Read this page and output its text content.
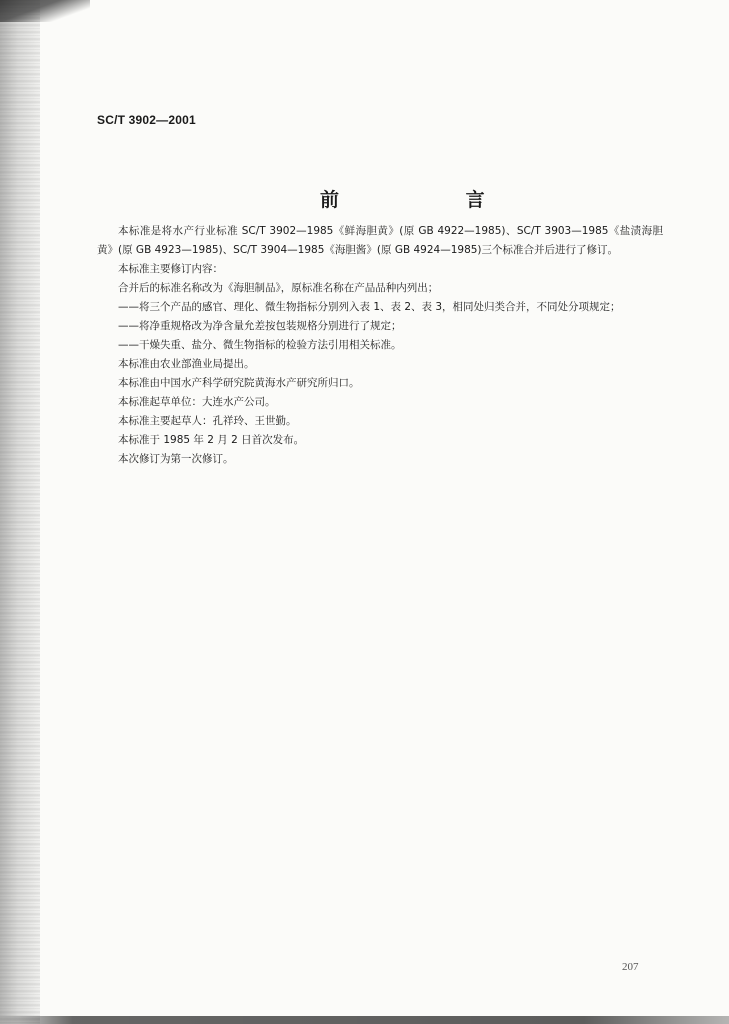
SC/T 3902—2001
前 言

本标准是将水产行业标准 SC/T 3902—1985《鲜海胆黄》(原 GB 4922—1985)、SC/T 3903—1985《盐渍海胆黄》(原 GB 4923—1985)、SC/T 3904—1985《海胆酱》(原 GB 4924—1985)三个标准合并后进行了修订。

本标准主要修订内容：

合并后的标准名称改为《海胆制品》，原标准名称在产品品种内列出；

——将三个产品的感官、理化、微生物指标分别列入表 1、表 2、表 3，相同处归类合并，不同处分项规定；

——将净重规格改为净含量允差按包装规格分别进行了规定；

——干燥失重、盐分、微生物指标的检验方法引用相关标准。

本标准由农业部渔业局提出。

本标准由中国水产科学研究院黄海水产研究所归口。

本标准起草单位：大连水产公司。

本标准主要起草人：孔祥玲、王世勤。

本标准于 1985 年 2 月 2 日首次发布。

本次修订为第一次修订。

207
